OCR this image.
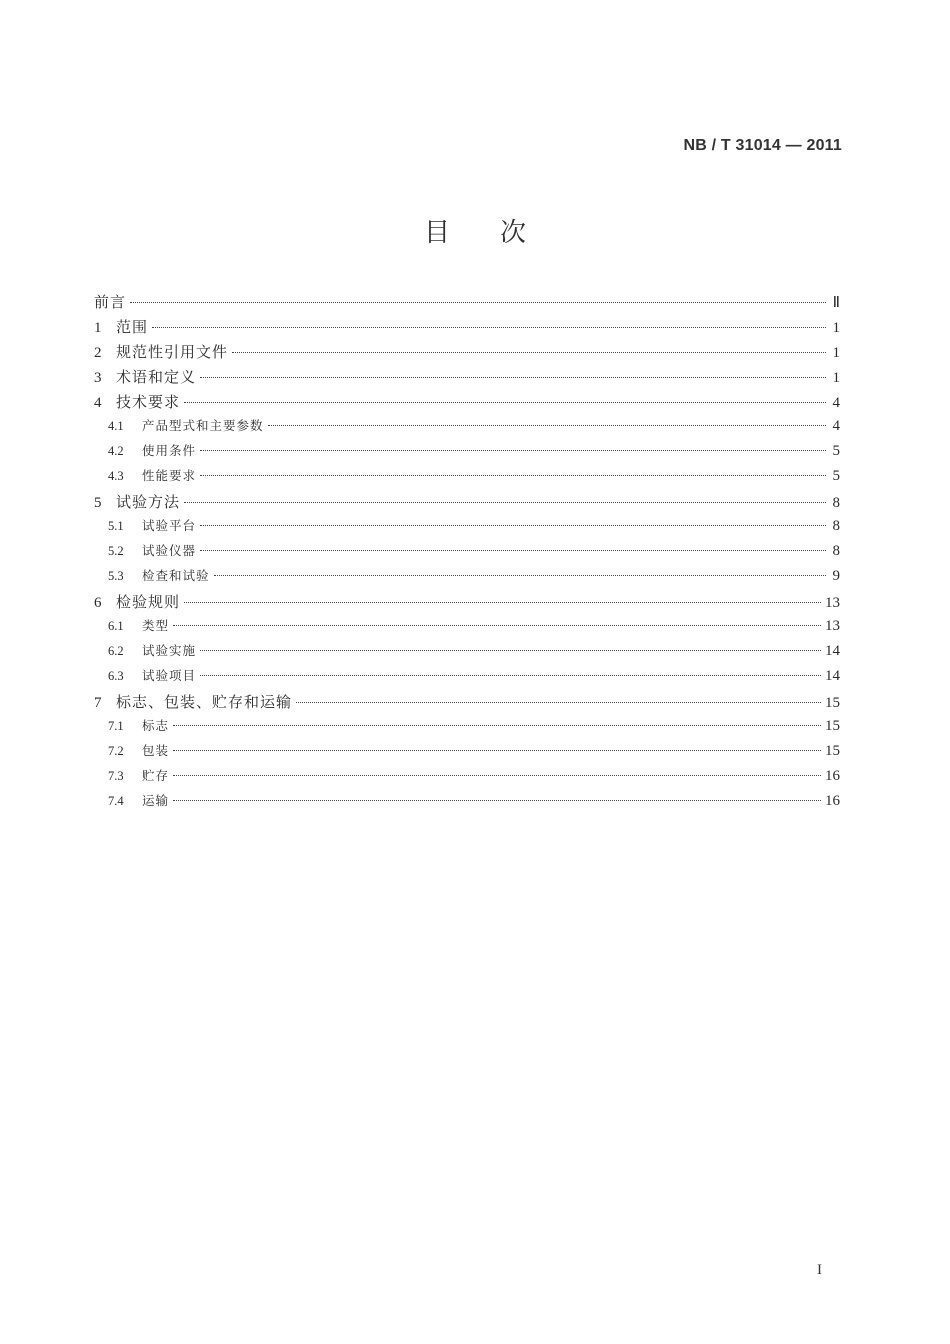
NB / T 31014 — 2011
目次
前言	Ⅱ
1 范围	1
2 规范性引用文件	1
3 术语和定义	1
4 技术要求	4
4.1	产品型式和主要参数	4
4.2	使用条件	5
4.3	性能要求	5
5 试验方法	8
5.1	试验平台	8
5.2	试验仪器	8
5.3	检查和试验	9
6 检验规则	13
6.1	类型	13
6.2	试验实施	14
6.3	试验项目	14
7 标志、包装、贮存和运输	15
7.1	标志	15
7.2	包装	15
7.3	贮存	16
7.4	运输	16
I
